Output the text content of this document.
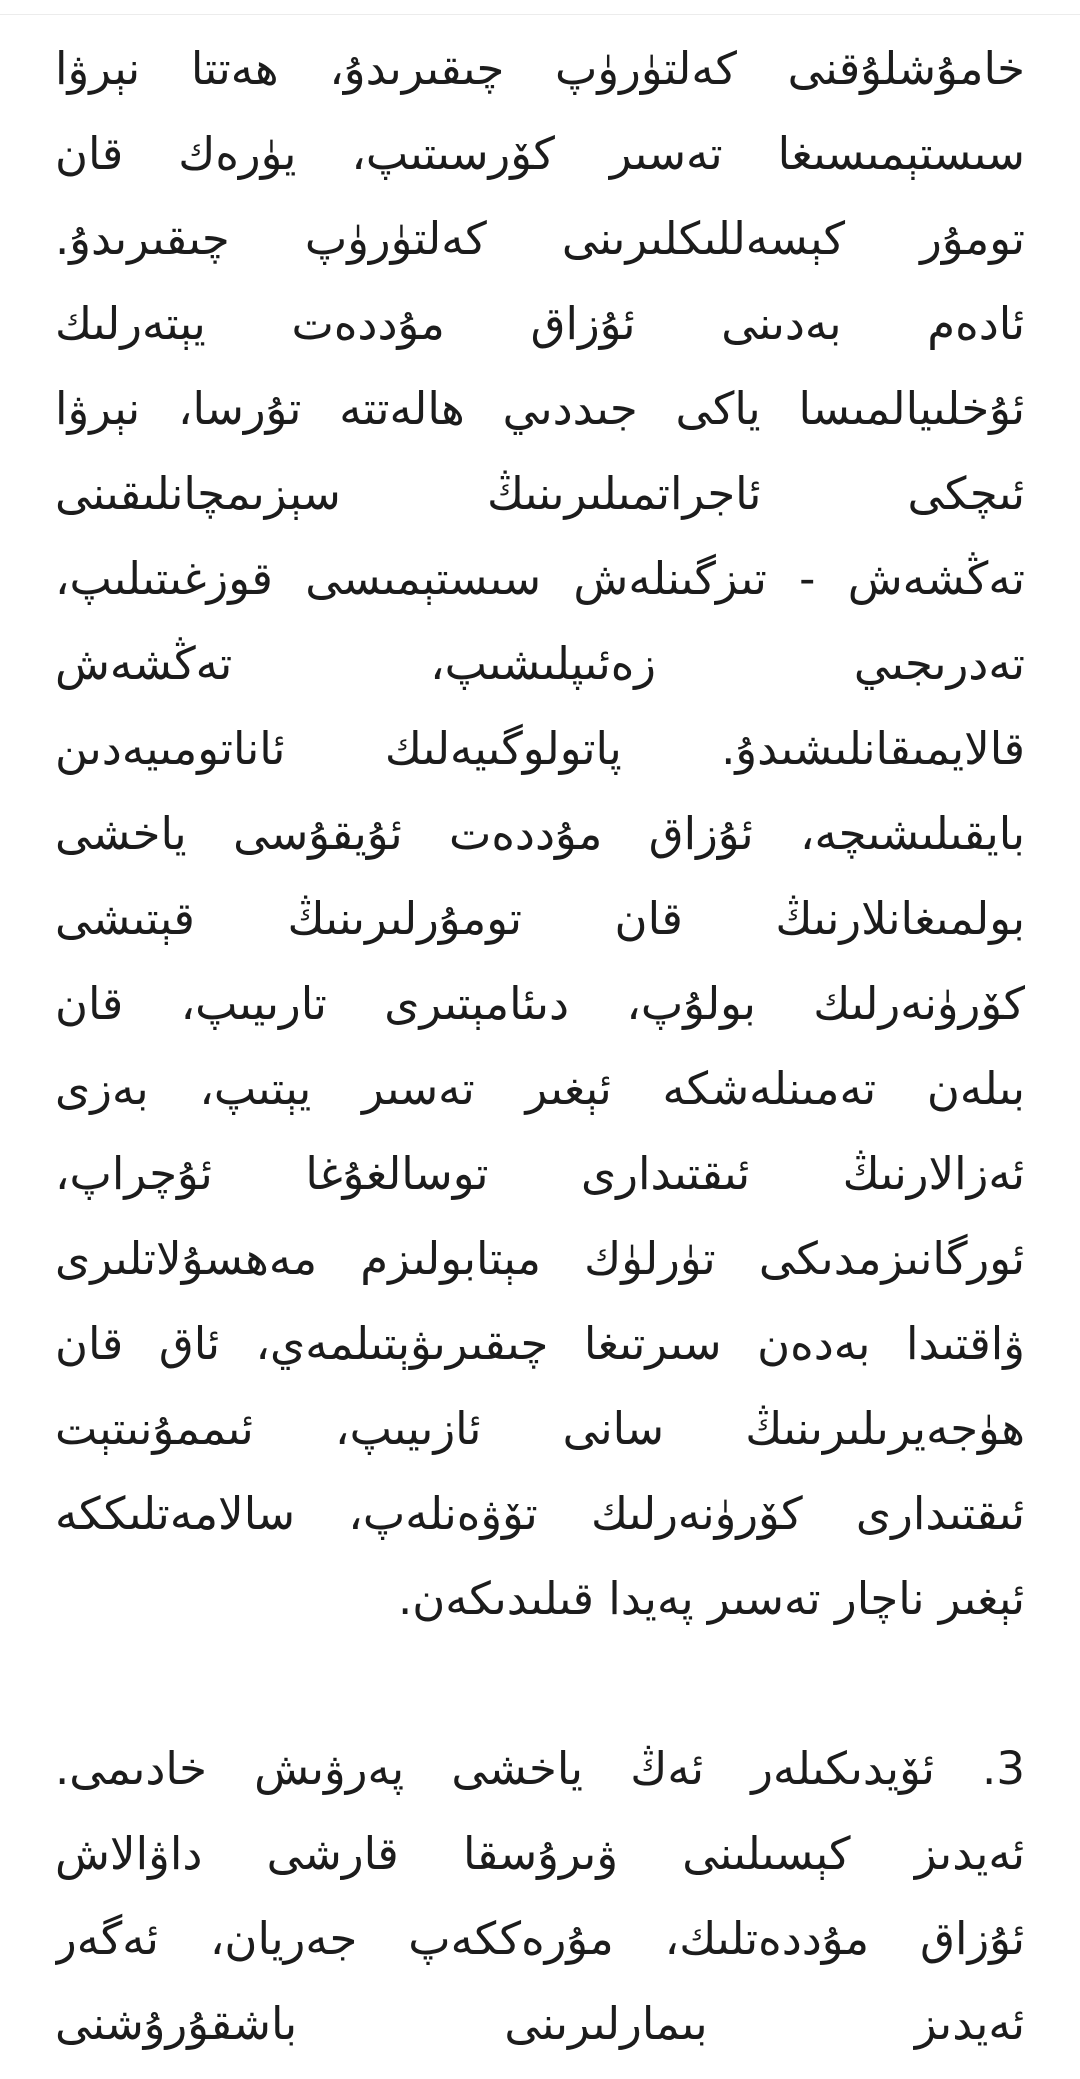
خامۇشلۇقنى كەلتۈرۈپ چىقىرىدۇ، ھەتتا نېرۋا
سىستېمىسىغا تەسىر كۆرسىتىپ، يۈرەك قان
تومۇر كېسەللىكلىرىنى كەلتۈرۈپ چىقىرىدۇ.
ئادەم بەدىنى ئۇزاق مۇددەت يېتەرلىك
ئۇخلىيالمىسا ياكى جىددىي ھالەتتە تۇرسا، نېرۋا
ئىچكى ئاجراتمىلىرىنىڭ سېزىمچانلىقىنى
تەڭشەش - تىزگىنلەش سىستېمىسى قوزغىتىلىپ،
تەدرىجىي زەئىپلىشىپ، تەڭشەش
قالايمىقانلىشىدۇ. پاتولوگىيەلىك ئاناتومىيەدىن
بايقىلىشىچە، ئۇزاق مۇددەت ئۇيقۇسى ياخشى
بولمىغانلارنىڭ قان تومۇرلىرىنىڭ قېتىشى
كۆرۈنەرلىك بولۇپ، دىئامېتىرى تارىيىپ، قان
بىلەن تەمىنلەشكە ئېغىر تەسىر يېتىپ، بەزى
ئەزالارنىڭ ئىقتىدارى توسالغۇغا ئۇچراپ،
ئورگانىزمدىكى تۈرلۈك مېتابولىزم مەھسۇلاتلىرى
ۋاقتىدا بەدەن سىرتىغا چىقىرىۋېتىلمەي، ئاق قان
ھۈجەيرىلىرىنىڭ سانى ئازىيىپ، ئىممۇنىتېت
ئىقتىدارى كۆرۈنەرلىك تۆۋەنلەپ، سالامەتلىككە
ئېغىر ناچار تەسىر پەيدا قىلىدىكەن.

3. ئۆيدىكىلەر ئەڭ ياخشى پەرۋىش خادىمى.
ئەيدىز كېسىلىنى ۋىرۇسقا قارشى داۋالاش
ئۇزاق مۇددەتلىك، مۇرەككەپ جەريان، ئەگەر
ئەيدىز بىمارلىرىنى باشقۇرۇشنى
